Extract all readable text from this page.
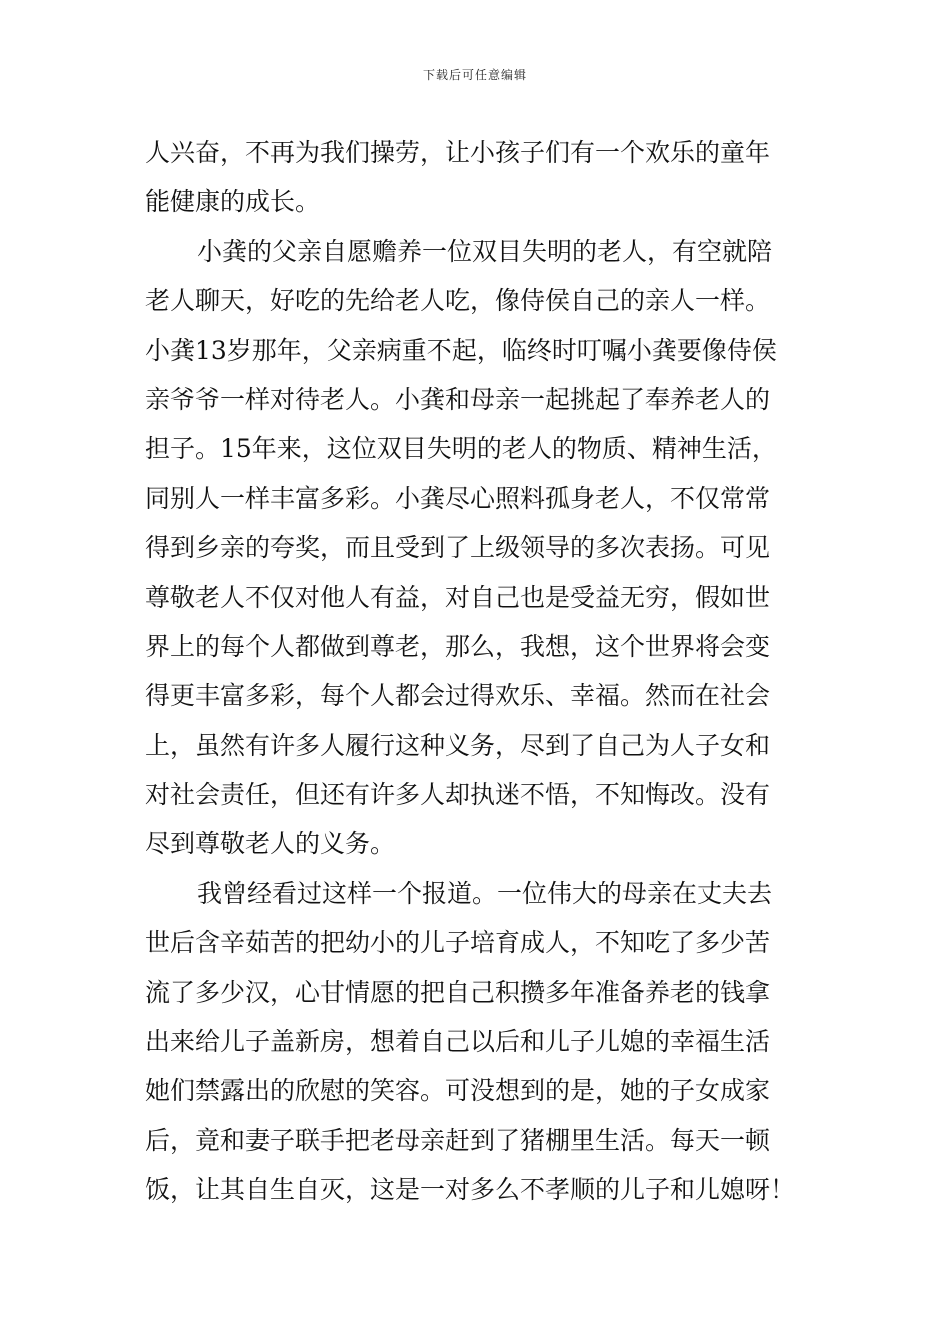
下载后可任意编辑
人兴奋，不再为我们操劳，让小孩子们有一个欢乐的童年
能健康的成长。
小龚的父亲自愿赡养一位双目失明的老人，有空就陪
老人聊天，好吃的先给老人吃，像侍侯自己的亲人一样。
小龚13岁那年，父亲病重不起，临终时叮嘱小龚要像侍侯
亲爷爷一样对待老人。小龚和母亲一起挑起了奉养老人的
担子。15年来，这位双目失明的老人的物质、精神生活，
同别人一样丰富多彩。小龚尽心照料孤身老人，不仅常常
得到乡亲的夸奖，而且受到了上级领导的多次表扬。可见
尊敬老人不仅对他人有益，对自己也是受益无穷，假如世
界上的每个人都做到尊老，那么，我想，这个世界将会变
得更丰富多彩，每个人都会过得欢乐、幸福。然而在社会
上，虽然有许多人履行这种义务，尽到了自己为人子女和
对社会责任，但还有许多人却执迷不悟，不知悔改。没有
尽到尊敬老人的义务。
我曾经看过这样一个报道。一位伟大的母亲在丈夫去
世后含辛茹苦的把幼小的儿子培育成人，不知吃了多少苦
流了多少汉，心甘情愿的把自己积攒多年准备养老的钱拿
出来给儿子盖新房，想着自己以后和儿子儿媳的幸福生活
她们禁露出的欣慰的笑容。可没想到的是，她的子女成家
后，竟和妻子联手把老母亲赶到了猪棚里生活。每天一顿
饭，让其自生自灭，这是一对多么不孝顺的儿子和儿媳呀！
